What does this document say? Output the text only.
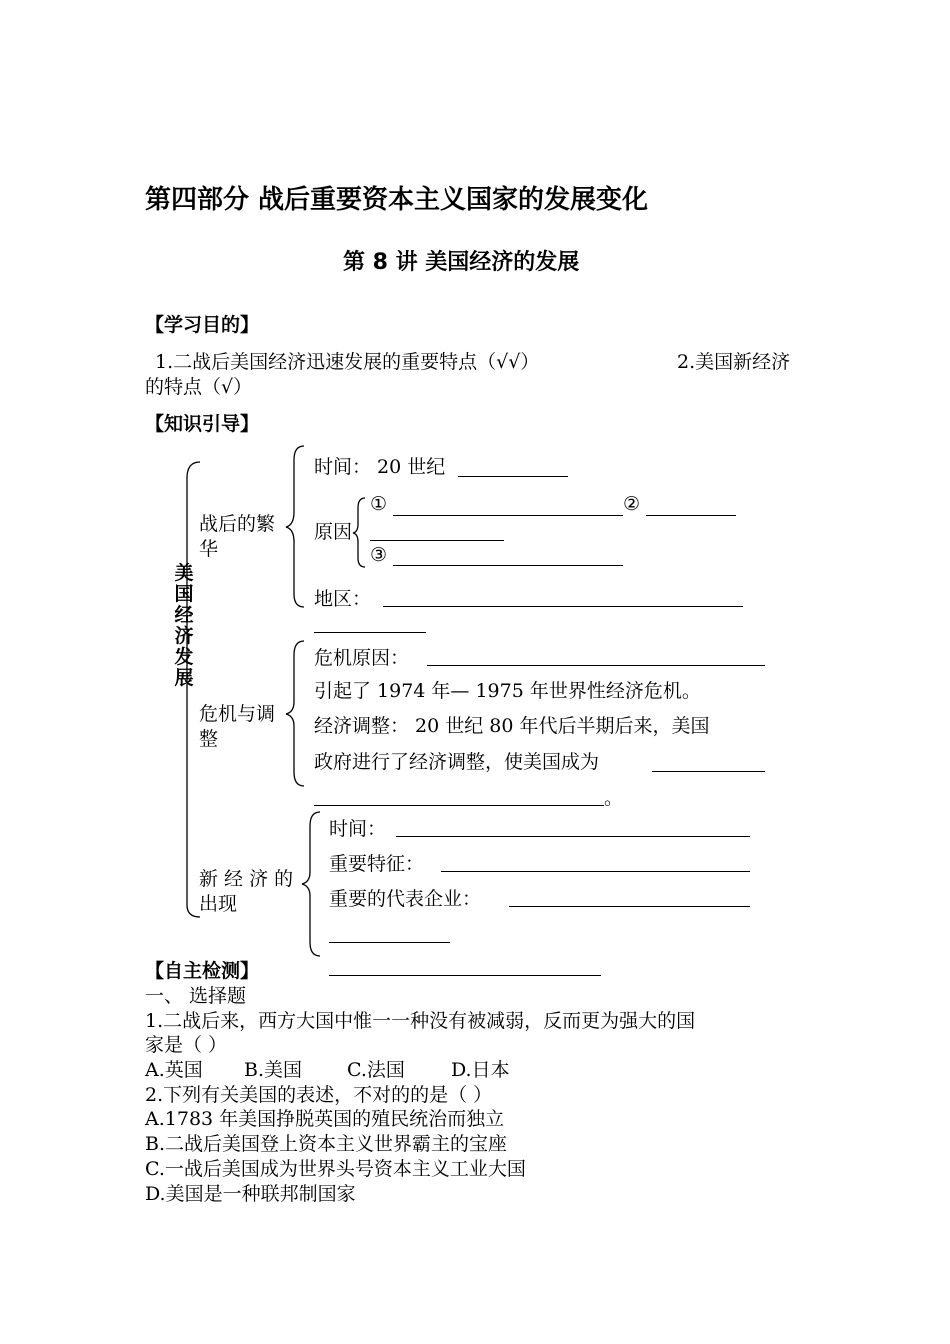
第四部分 战后重要资本主义国家的发展变化
第 8 讲 美国经济的发展
【学习目的】
1.二战后美国经济迅速发展的重要特点（√√）	2.美国新经济
的特点（√）
【知识引导】
美国经济发展
战后的繁
华
时间： 20 世纪
原因
①	②
③
地区：
危机与调
整
危机原因：
引起了 1974 年— 1975 年世界性经济危机。
经济调整： 20 世纪 80 年代后半期后来，美国
政府进行了经济调整，使美国成为
。
新 经 济 的
出现
时间：
重要特征：
重要的代表企业：
【自主检测】
一、 选择题
1.二战后来，西方大国中惟一一种没有被减弱，反而更为强大的国
家是（ ）
A.英国 B.美国 C.法国 D.日本
2.下列有关美国的表述，不对的的是（ ）
A.1783 年美国挣脱英国的殖民统治而独立
B.二战后美国登上资本主义世界霸主的宝座
C.一战后美国成为世界头号资本主义工业大国
D.美国是一种联邦制国家
